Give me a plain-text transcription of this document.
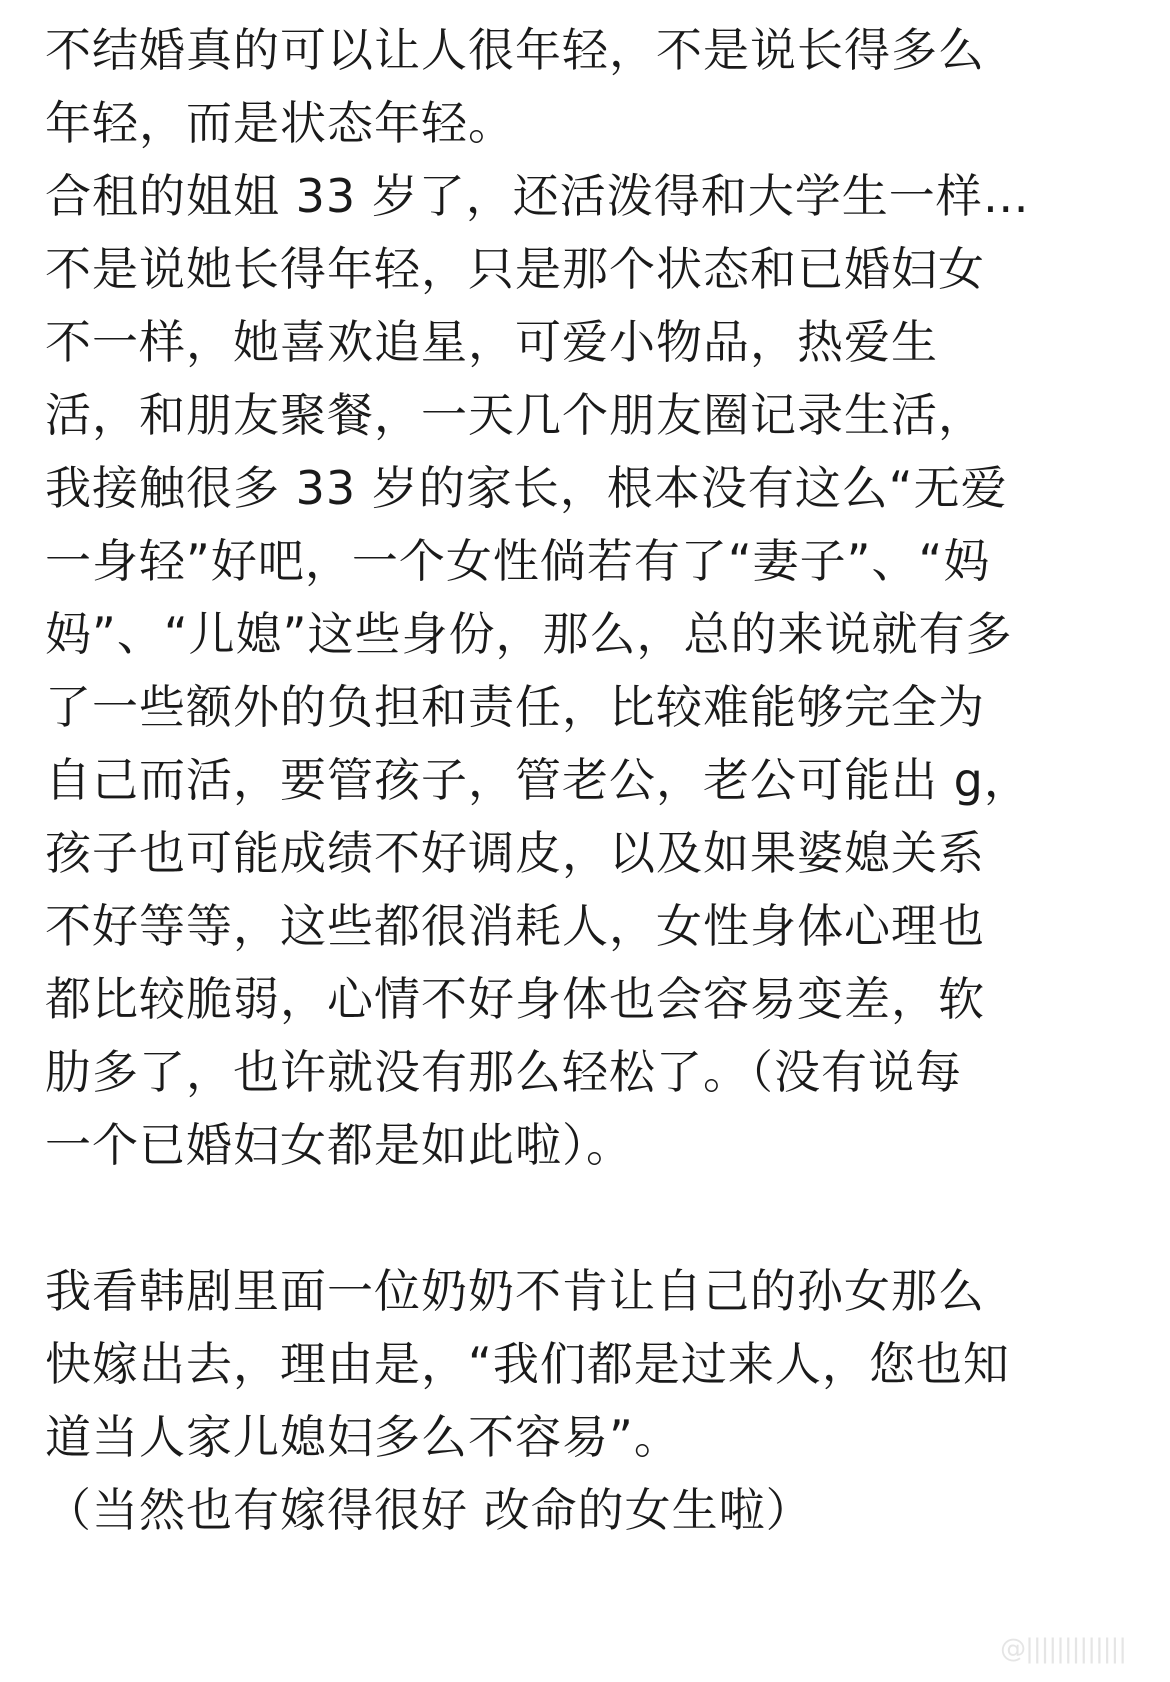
不结婚真的可以让人很年轻，不是说长得多么
年轻，而是状态年轻。
合租的姐姐 33 岁了，还活泼得和大学生一样…
不是说她长得年轻，只是那个状态和已婚妇女
不一样，她喜欢追星，可爱小物品，热爱生
活，和朋友聚餐，一天几个朋友圈记录生活，
我接触很多 33 岁的家长，根本没有这么“无爱
一身轻”好吧，一个女性倘若有了“妻子”、“妈
妈”、“儿媳”这些身份，那么，总的来说就有多
了一些额外的负担和责任，比较难能够完全为
自己而活，要管孩子，管老公，老公可能出 g，
孩子也可能成绩不好调皮，以及如果婆媳关系
不好等等，这些都很消耗人，女性身体心理也
都比较脆弱，心情不好身体也会容易变差，软
肋多了，也许就没有那么轻松了。（没有说每
一个已婚妇女都是如此啦）。
我看韩剧里面一位奶奶不肯让自己的孙女那么
快嫁出去，理由是，“我们都是过来人，您也知
道当人家儿媳妇多么不容易”。
（当然也有嫁得很好 改命的女生啦）
@|||||||||||||
